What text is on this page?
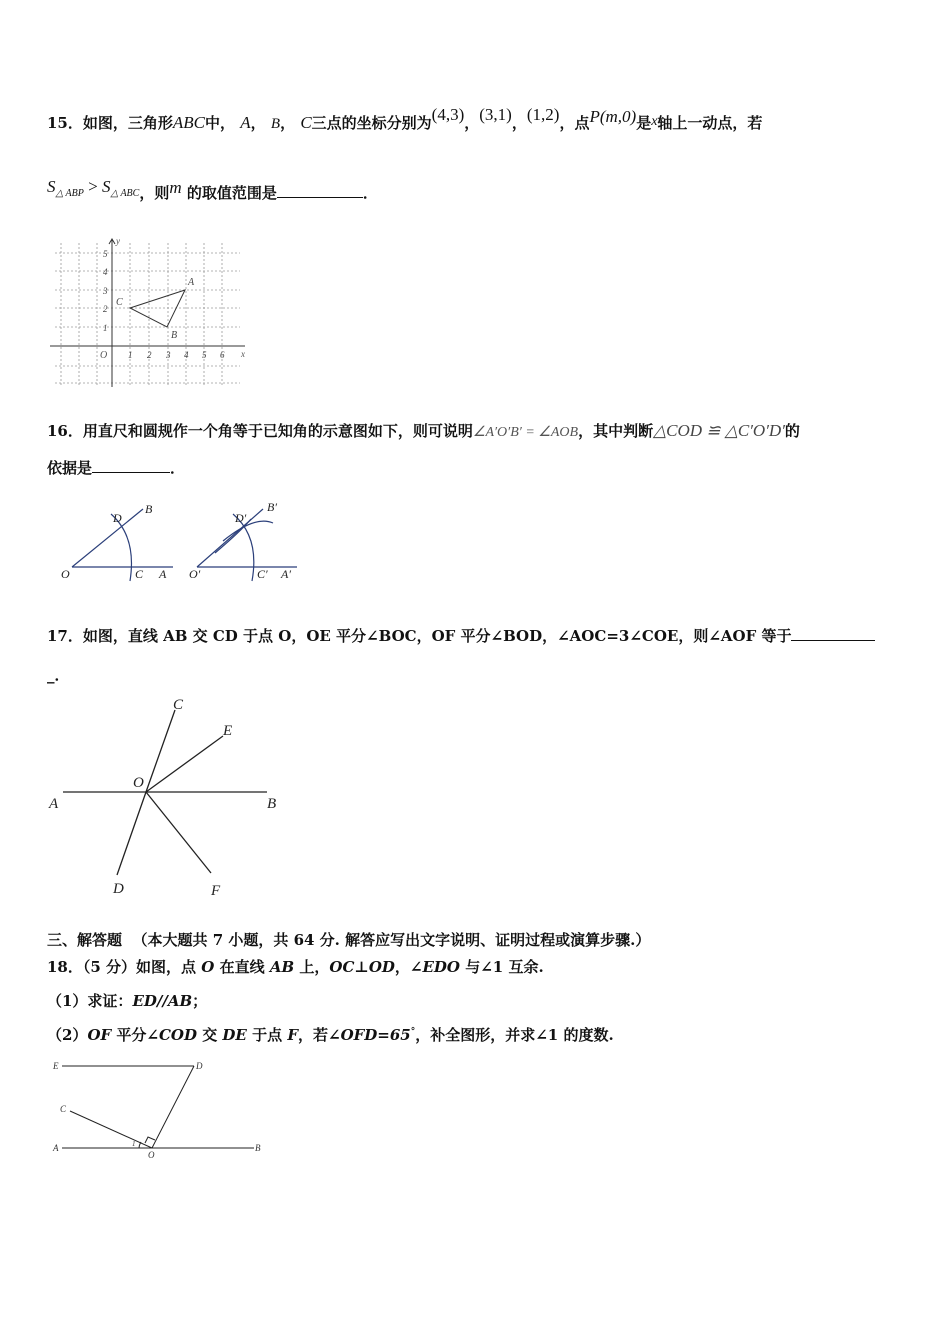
15．如图，三角形ABC中， A， B， C三点的坐标分别为(4,3)，(3,1)，(1,2)，点P(m,0)是x轴上一动点，若
S△ ABP > S△ ABC，则m 的取值范围是	．
y
x
O 1 2 3 4 5 6
1
2
3
4
5
A
B
C
16．用直尺和圆规作一个角等于已知角的示意图如下，则可说明∠A′O′B′ = ∠AOB，其中判断△COD ≌ △C′O′D′的
依据是	．
O	C A
D
B
O′	C′ A′
D′
B′
17．如图，直线 AB 交 CD 于点 O，OE 平分∠BOC，OF 平分∠BOD，∠AOC=3∠COE，则∠AOF 等于
_．
A	B
C
D
E
F
O
三、解答题 （本大题共 7 小题，共 64 分. 解答应写出文字说明、证明过程或演算步骤.）
18．（5 分）如图，点 O 在直线 AB 上，OC⊥OD，∠EDO 与∠1 互余.
（1）求证：ED//AB；
（2）OF 平分∠COD 交 DE 于点 F，若∠OFD=65°，补全图形，并求∠1 的度数.
E	D
C
A	B
O
1
